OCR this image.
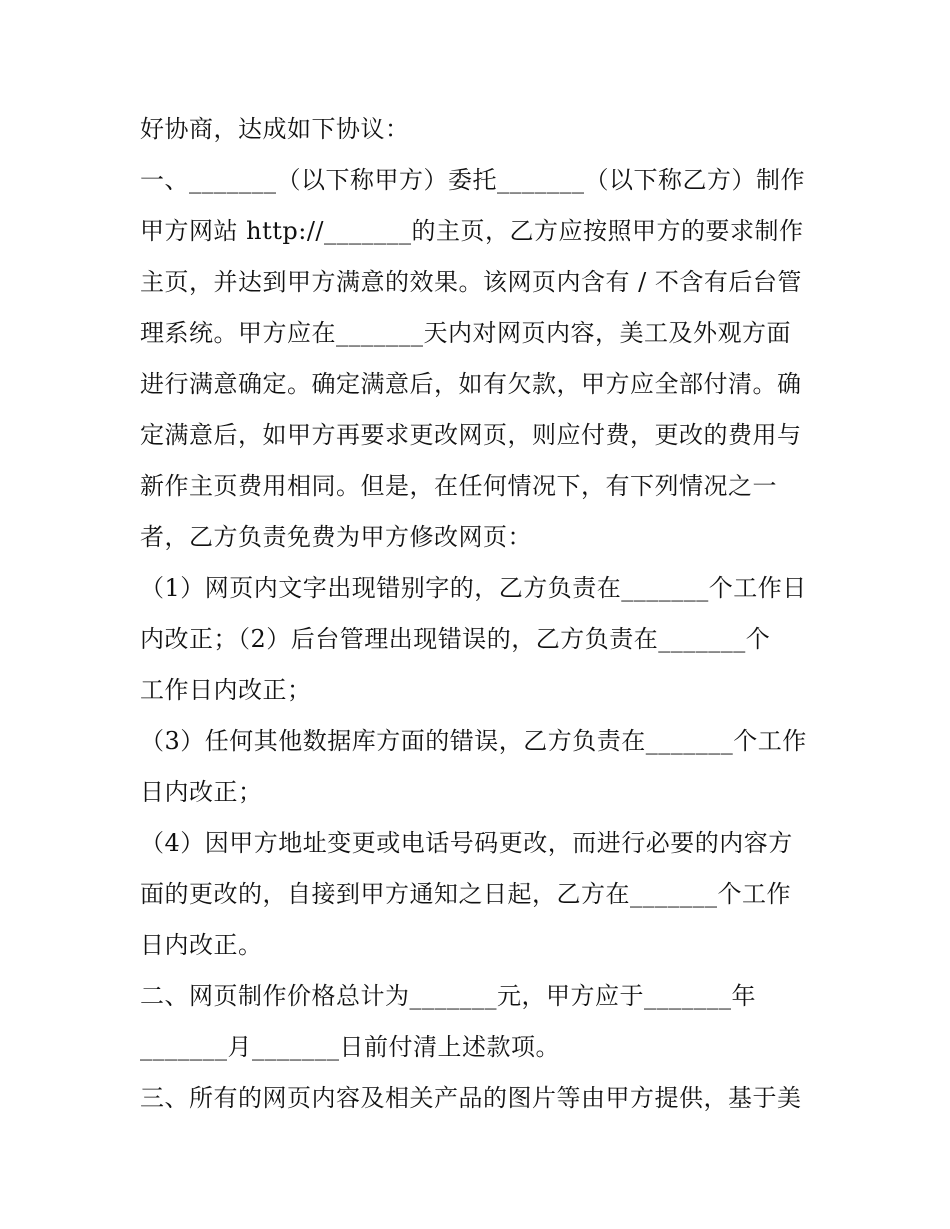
好协商，达成如下协议：
一、_______（以下称甲方）委托_______（以下称乙方）制作
甲方网站 http://_______的主页，乙方应按照甲方的要求制作
主页，并达到甲方满意的效果。该网页内含有 / 不含有后台管
理系统。甲方应在_______天内对网页内容，美工及外观方面
进行满意确定。确定满意后，如有欠款，甲方应全部付清。确
定满意后，如甲方再要求更改网页，则应付费，更改的费用与
新作主页费用相同。但是，在任何情况下，有下列情况之一
者，乙方负责免费为甲方修改网页：
（1）网页内文字出现错别字的，乙方负责在_______个工作日
内改正；（2）后台管理出现错误的，乙方负责在_______个
工作日内改正；
（3）任何其他数据库方面的错误，乙方负责在_______个工作
日内改正；
（4）因甲方地址变更或电话号码更改，而进行必要的内容方
面的更改的，自接到甲方通知之日起，乙方在_______个工作
日内改正。
二、网页制作价格总计为_______元，甲方应于_______年
_______月_______日前付清上述款项。
三、所有的网页内容及相关产品的图片等由甲方提供，基于美
